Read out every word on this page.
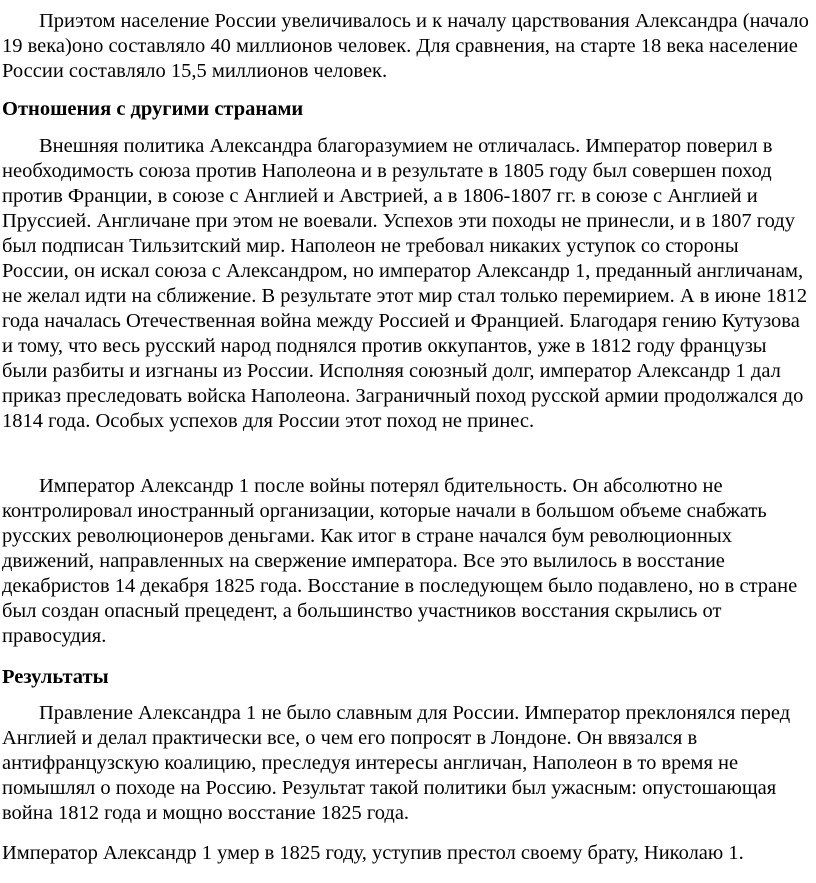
Приэтом население России увеличивалось и к началу царствования Александра (начало 19 века)оно составляло 40 миллионов человек. Для сравнения, на старте 18 века население России составляло 15,5 миллионов человек.

Отношения с другими странами

Внешняя политика Александра благоразумием не отличалась. Император поверил в необходимость союза против Наполеона и в результате в 1805 году был совершен поход против Франции, в союзе с Англией и Австрией, а в 1806-1807 гг. в союзе с Англией и Пруссией. Англичане при этом не воевали. Успехов эти походы не принесли, и в 1807 году был подписан Тильзитский мир. Наполеон не требовал никаких уступок со стороны России, он искал союза с Александром, но император Александр 1, преданный англичанам, не желал идти на сближение. В результате этот мир стал только перемирием. А в июне 1812 года началась Отечественная война между Россией и Францией. Благодаря гению Кутузова и тому, что весь русский народ поднялся против оккупантов, уже в 1812 году французы были разбиты и изгнаны из России. Исполняя союзный долг, император Александр 1 дал приказ преследовать войска Наполеона. Заграничный поход русской армии продолжался до 1814 года. Особых успехов для России этот поход не принес.

Император Александр 1 после войны потерял бдительность. Он абсолютно не контролировал иностранный организации, которые начали в большом объеме снабжать русских революционеров деньгами. Как итог в стране начался бум революционных движений, направленных на свержение императора. Все это вылилось в восстание декабристов 14 декабря 1825 года. Восстание в последующем было подавлено, но в стране был создан опасный прецедент, а большинство участников восстания скрылись от правосудия.

Результаты

Правление Александра 1 не было славным для России. Император преклонялся перед Англией и делал практически все, о чем его попросят в Лондоне. Он ввязался в антифранцузскую коалицию, преследуя интересы англичан, Наполеон в то время не помышлял о походе на Россию. Результат такой политики был ужасным: опустошающая война 1812 года и мощно восстание 1825 года.

Император Александр 1 умер в 1825 году, уступив престол своему брату, Николаю 1.
